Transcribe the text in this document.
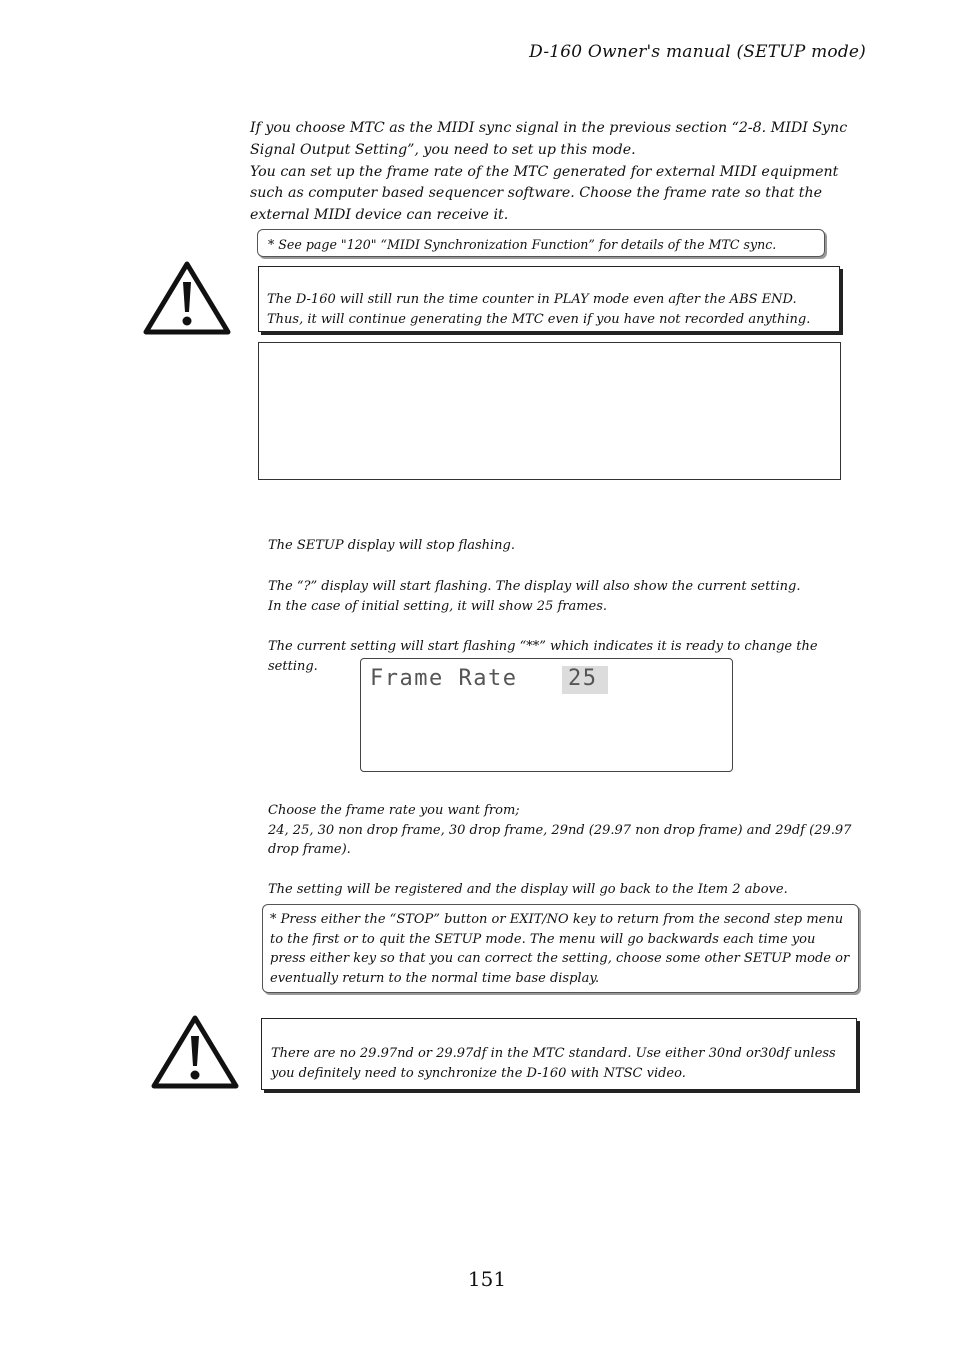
D-160 Owner's manual (SETUP mode)

If you choose MTC as the MIDI sync signal in the previous section “2-8. MIDI Sync Signal Output Setting”, you need to set up this mode.

You can set up the frame rate of the MTC generated for external MIDI equipment such as computer based sequencer software. Choose the frame rate so that the external MIDI device can receive it.

* See page "120" “MIDI Synchronization Function” for details of the MTC sync.
The D-160 will still run the time counter in PLAY mode even after the ABS END. Thus, it will continue generating the MTC even if you have not recorded anything.

The SETUP display will stop flashing.

The “?” display will start flashing. The display will also show the current setting.

In the case of initial setting, it will show 25 frames.

The current setting will start flashing “**” which indicates it is ready to change the setting.	Frame Rate 25

Choose the frame rate you want from;

24, 25, 30 non drop frame, 30 drop frame, 29nd (29.97 non drop frame) and 29df (29.97 drop frame).

The setting will be registered and the display will go back to the Item 2 above.

* Press either the “STOP” button or EXIT/NO key to return from the second step menu to the first or to quit the SETUP mode. The menu will go backwards each time you press either key so that you can correct the setting, choose some other SETUP mode or eventually return to the normal time base display.
There are no 29.97nd or 29.97df in the MTC standard. Use either 30nd or30df unless you definitely need to synchronize the D-160 with NTSC video.
151
